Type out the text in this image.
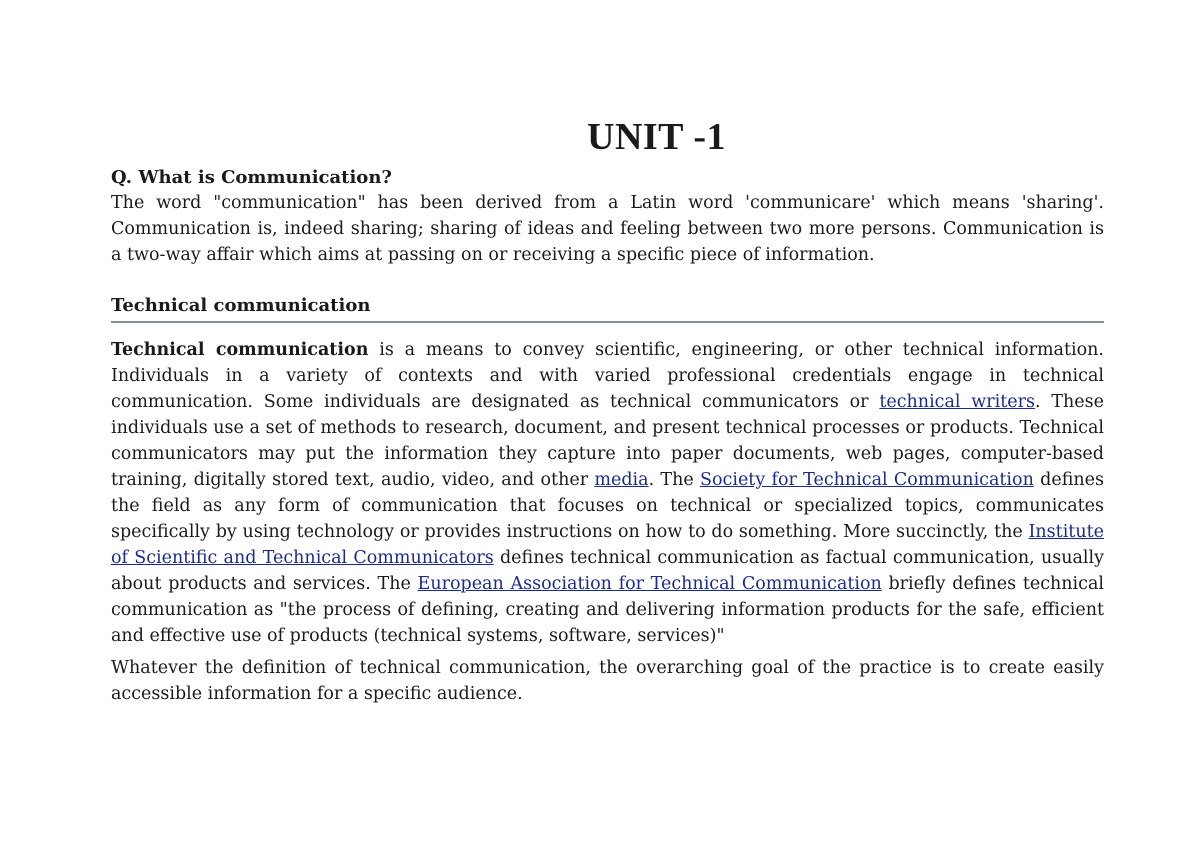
UNIT -1
Q. What is Communication?

The word "communication" has been derived from a Latin word 'communicare' which means 'sharing'. Communication is, indeed sharing; sharing of ideas and feeling between two more persons. Communication is a two-way affair which aims at passing on or receiving a specific piece of information.

Technical communication

Technical communication is a means to convey scientific, engineering, or other technical information. Individuals in a variety of contexts and with varied professional credentials engage in technical communication. Some individuals are designated as technical communicators or technical writers. These individuals use a set of methods to research, document, and present technical processes or products. Technical communicators may put the information they capture into paper documents, web pages, computer-based training, digitally stored text, audio, video, and other media. The Society for Technical Communication defines the field as any form of communication that focuses on technical or specialized topics, communicates specifically by using technology or provides instructions on how to do something. More succinctly, the Institute of Scientific and Technical Communicators defines technical communication as factual communication, usually about products and services. The European Association for Technical Communication briefly defines technical communication as "the process of defining, creating and delivering information products for the safe, efficient and effective use of products (technical systems, software, services)"

Whatever the definition of technical communication, the overarching goal of the practice is to create easily accessible information for a specific audience.
